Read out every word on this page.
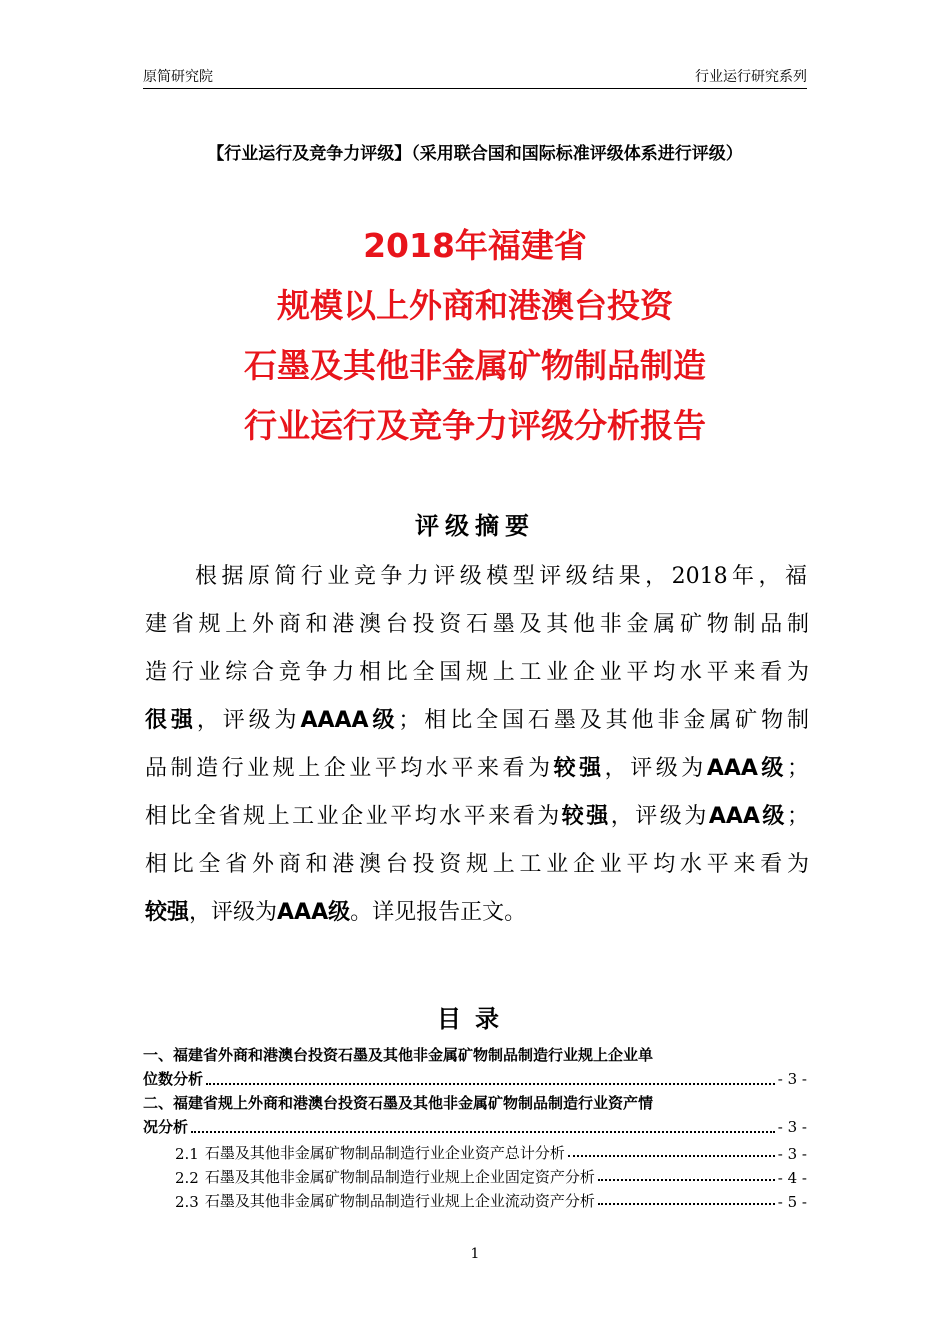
原简研究院	行业运行研究系列
【行业运行及竞争力评级】（采用联合国和国际标准评级体系进行评级）
2018年福建省
规模以上外商和港澳台投资
石墨及其他非金属矿物制品制造
行业运行及竞争力评级分析报告
评级摘要
根据原简行业竞争力评级模型评级结果，2018年，福
建省规上外商和港澳台投资石墨及其他非金属矿物制品制
造行业综合竞争力相比全国规上工业企业平均水平来看为
很强，评级为AAAA级；相比全国石墨及其他非金属矿物制
品制造行业规上企业平均水平来看为较强，评级为AAA级；
相比全省规上工业企业平均水平来看为较强，评级为AAA级；
相比全省外商和港澳台投资规上工业企业平均水平来看为
较强，评级为AAA级。详见报告正文。
目录
一、福建省外商和港澳台投资石墨及其他非金属矿物制品制造行业规上企业单
位数分析	- 3 -
二、福建省规上外商和港澳台投资石墨及其他非金属矿物制品制造行业资产情
况分析	- 3 -
2.1 石墨及其他非金属矿物制品制造行业企业资产总计分析	- 3 -
2.2 石墨及其他非金属矿物制品制造行业规上企业固定资产分析	- 4 -
2.3 石墨及其他非金属矿物制品制造行业规上企业流动资产分析	- 5 -
1
